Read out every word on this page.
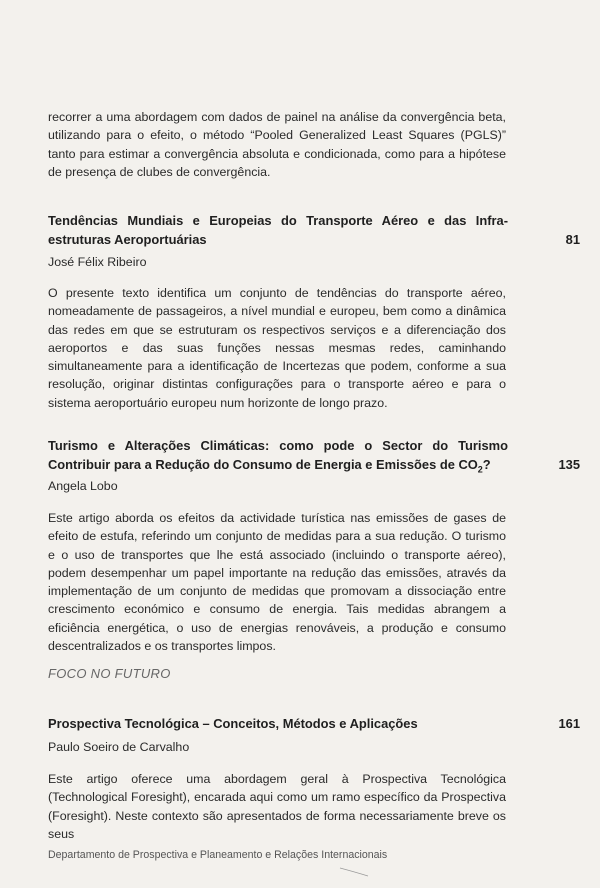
recorrer a uma abordagem com dados de painel na análise da convergência beta, utilizando para o efeito, o método “Pooled Generalized Least Squares (PGLS)” tanto para estimar a convergência absoluta e condicionada, como para a hipótese de presença de clubes de convergência.

Tendências Mundiais e Europeias do Transporte Aéreo e das Infra-estruturas Aeroportuárias	81

José Félix Ribeiro

O presente texto identifica um conjunto de tendências do transporte aéreo, nomeadamente de passageiros, a nível mundial e europeu, bem como a dinâmica das redes em que se estruturam os respectivos serviços e a diferenciação dos aeroportos e das suas funções nessas mesmas redes, caminhando simultaneamente para a identificação de Incertezas que podem, conforme a sua resolução, originar distintas configurações para o transporte aéreo e para o sistema aeroportuário europeu num horizonte de longo prazo.

Turismo e Alterações Climáticas: como pode o Sector do Turismo Contribuir para a Redução do Consumo de Energia e Emissões de $CO_2$?	135

Angela Lobo

Este artigo aborda os efeitos da actividade turística nas emissões de gases de efeito de estufa, referindo um conjunto de medidas para a sua redução. O turismo e o uso de transportes que lhe está associado (incluindo o transporte aéreo), podem desempenhar um papel importante na redução das emissões, através da implementação de um conjunto de medidas que promovam a dissociação entre crescimento económico e consumo de energia. Tais medidas abrangem a eficiência energética, o uso de energias renováveis, a produção e consumo descentralizados e os transportes limpos.

FOCO NO FUTURO

Prospectiva Tecnológica – Conceitos, Métodos e Aplicações	161

Paulo Soeiro de Carvalho

Este artigo oferece uma abordagem geral à Prospectiva Tecnológica (Technological Foresight), encarada aqui como um ramo específico da Prospectiva (Foresight). Neste contexto são apresentados de forma necessariamente breve os seus

Departamento de Prospectiva e Planeamento e Relações Internacionais
